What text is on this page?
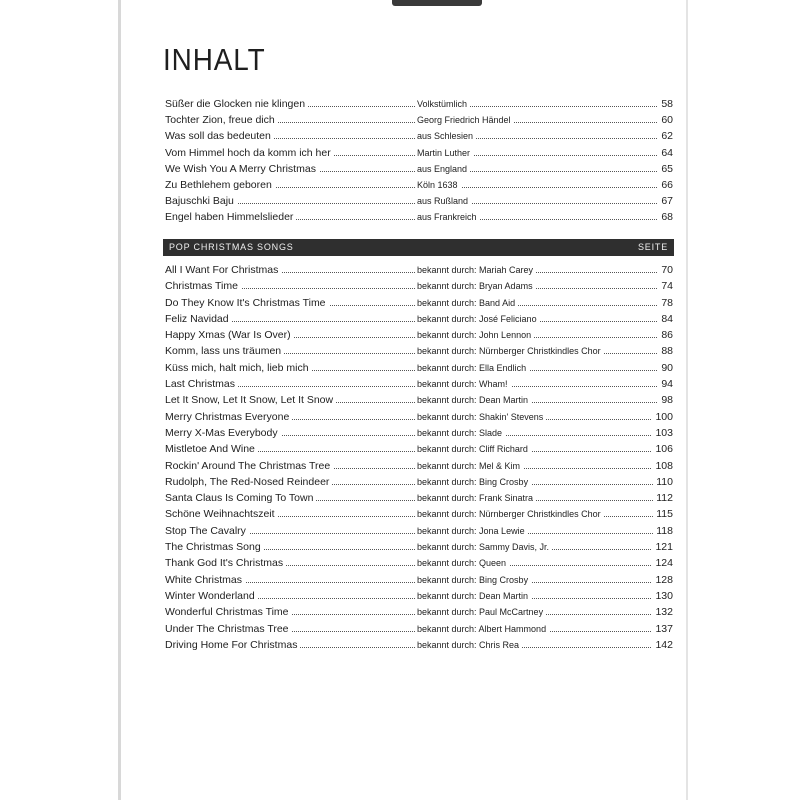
INHALT
Süßer die Glocken nie klingen	Volkstümlich	58
Tochter Zion, freue dich	Georg Friedrich Händel	60
Was soll das bedeuten	aus Schlesien	62
Vom Himmel hoch da komm ich her	Martin Luther	64
We Wish You A Merry Christmas	aus England	65
Zu Bethlehem geboren	Köln 1638	66
Bajuschki Baju	aus Rußland	67
Engel haben Himmelslieder	aus Frankreich	68
POP CHRISTMAS SONGS	SEITE
All I Want For Christmas	bekannt durch: Mariah Carey	70
Christmas Time	bekannt durch: Bryan Adams	74
Do They Know It's Christmas Time	bekannt durch: Band Aid	78
Feliz Navidad	bekannt durch: José Feliciano	84
Happy Xmas (War Is Over)	bekannt durch: John Lennon	86
Komm, lass uns träumen	bekannt durch: Nürnberger Christkindles Chor	88
Küss mich, halt mich, lieb mich	bekannt durch: Ella Endlich	90
Last Christmas	bekannt durch: Wham!	94
Let It Snow, Let It Snow, Let It Snow	bekannt durch: Dean Martin	98
Merry Christmas Everyone	bekannt durch: Shakin' Stevens	100
Merry X-Mas Everybody	bekannt durch: Slade	103
Mistletoe And Wine	bekannt durch: Cliff Richard	106
Rockin' Around The Christmas Tree	bekannt durch: Mel & Kim	108
Rudolph, The Red-Nosed Reindeer	bekannt durch: Bing Crosby	110
Santa Claus Is Coming To Town	bekannt durch: Frank Sinatra	112
Schöne Weihnachtszeit	bekannt durch: Nürnberger Christkindles Chor	115
Stop The Cavalry	bekannt durch: Jona Lewie	118
The Christmas Song	bekannt durch: Sammy Davis, Jr.	121
Thank God It's Christmas	bekannt durch: Queen	124
White Christmas	bekannt durch: Bing Crosby	128
Winter Wonderland	bekannt durch: Dean Martin	130
Wonderful Christmas Time	bekannt durch: Paul McCartney	132
Under The Christmas Tree	bekannt durch: Albert Hammond	137
Driving Home For Christmas	bekannt durch: Chris Rea	142
